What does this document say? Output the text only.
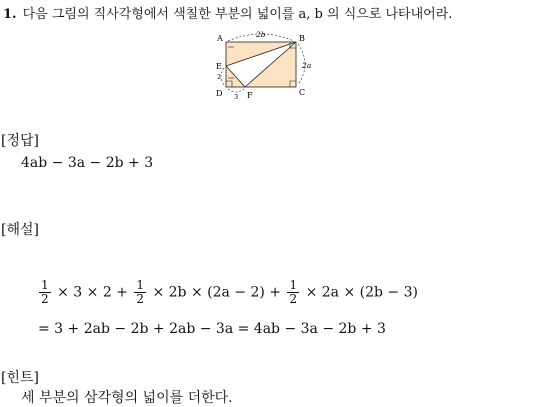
1. 다음 그림의 직사각형에서 색칠한 부분의 넓이를 a, b 의 식으로 나타내어라.
A	B
C
D
E
F
2b
2a
2
3
[정답]
4ab − 3a − 2b + 3
[해설]
$\frac{1}{2} \times 3 \times 2 + \frac{1}{2} \times 2b \times (2a - 2) + \frac{1}{2} \times 2a \times (2b - 3)$
= 3 + 2ab − 2b + 2ab − 3a = 4ab − 3a − 2b + 3
[힌트]
세 부분의 삼각형의 넓이를 더한다.
